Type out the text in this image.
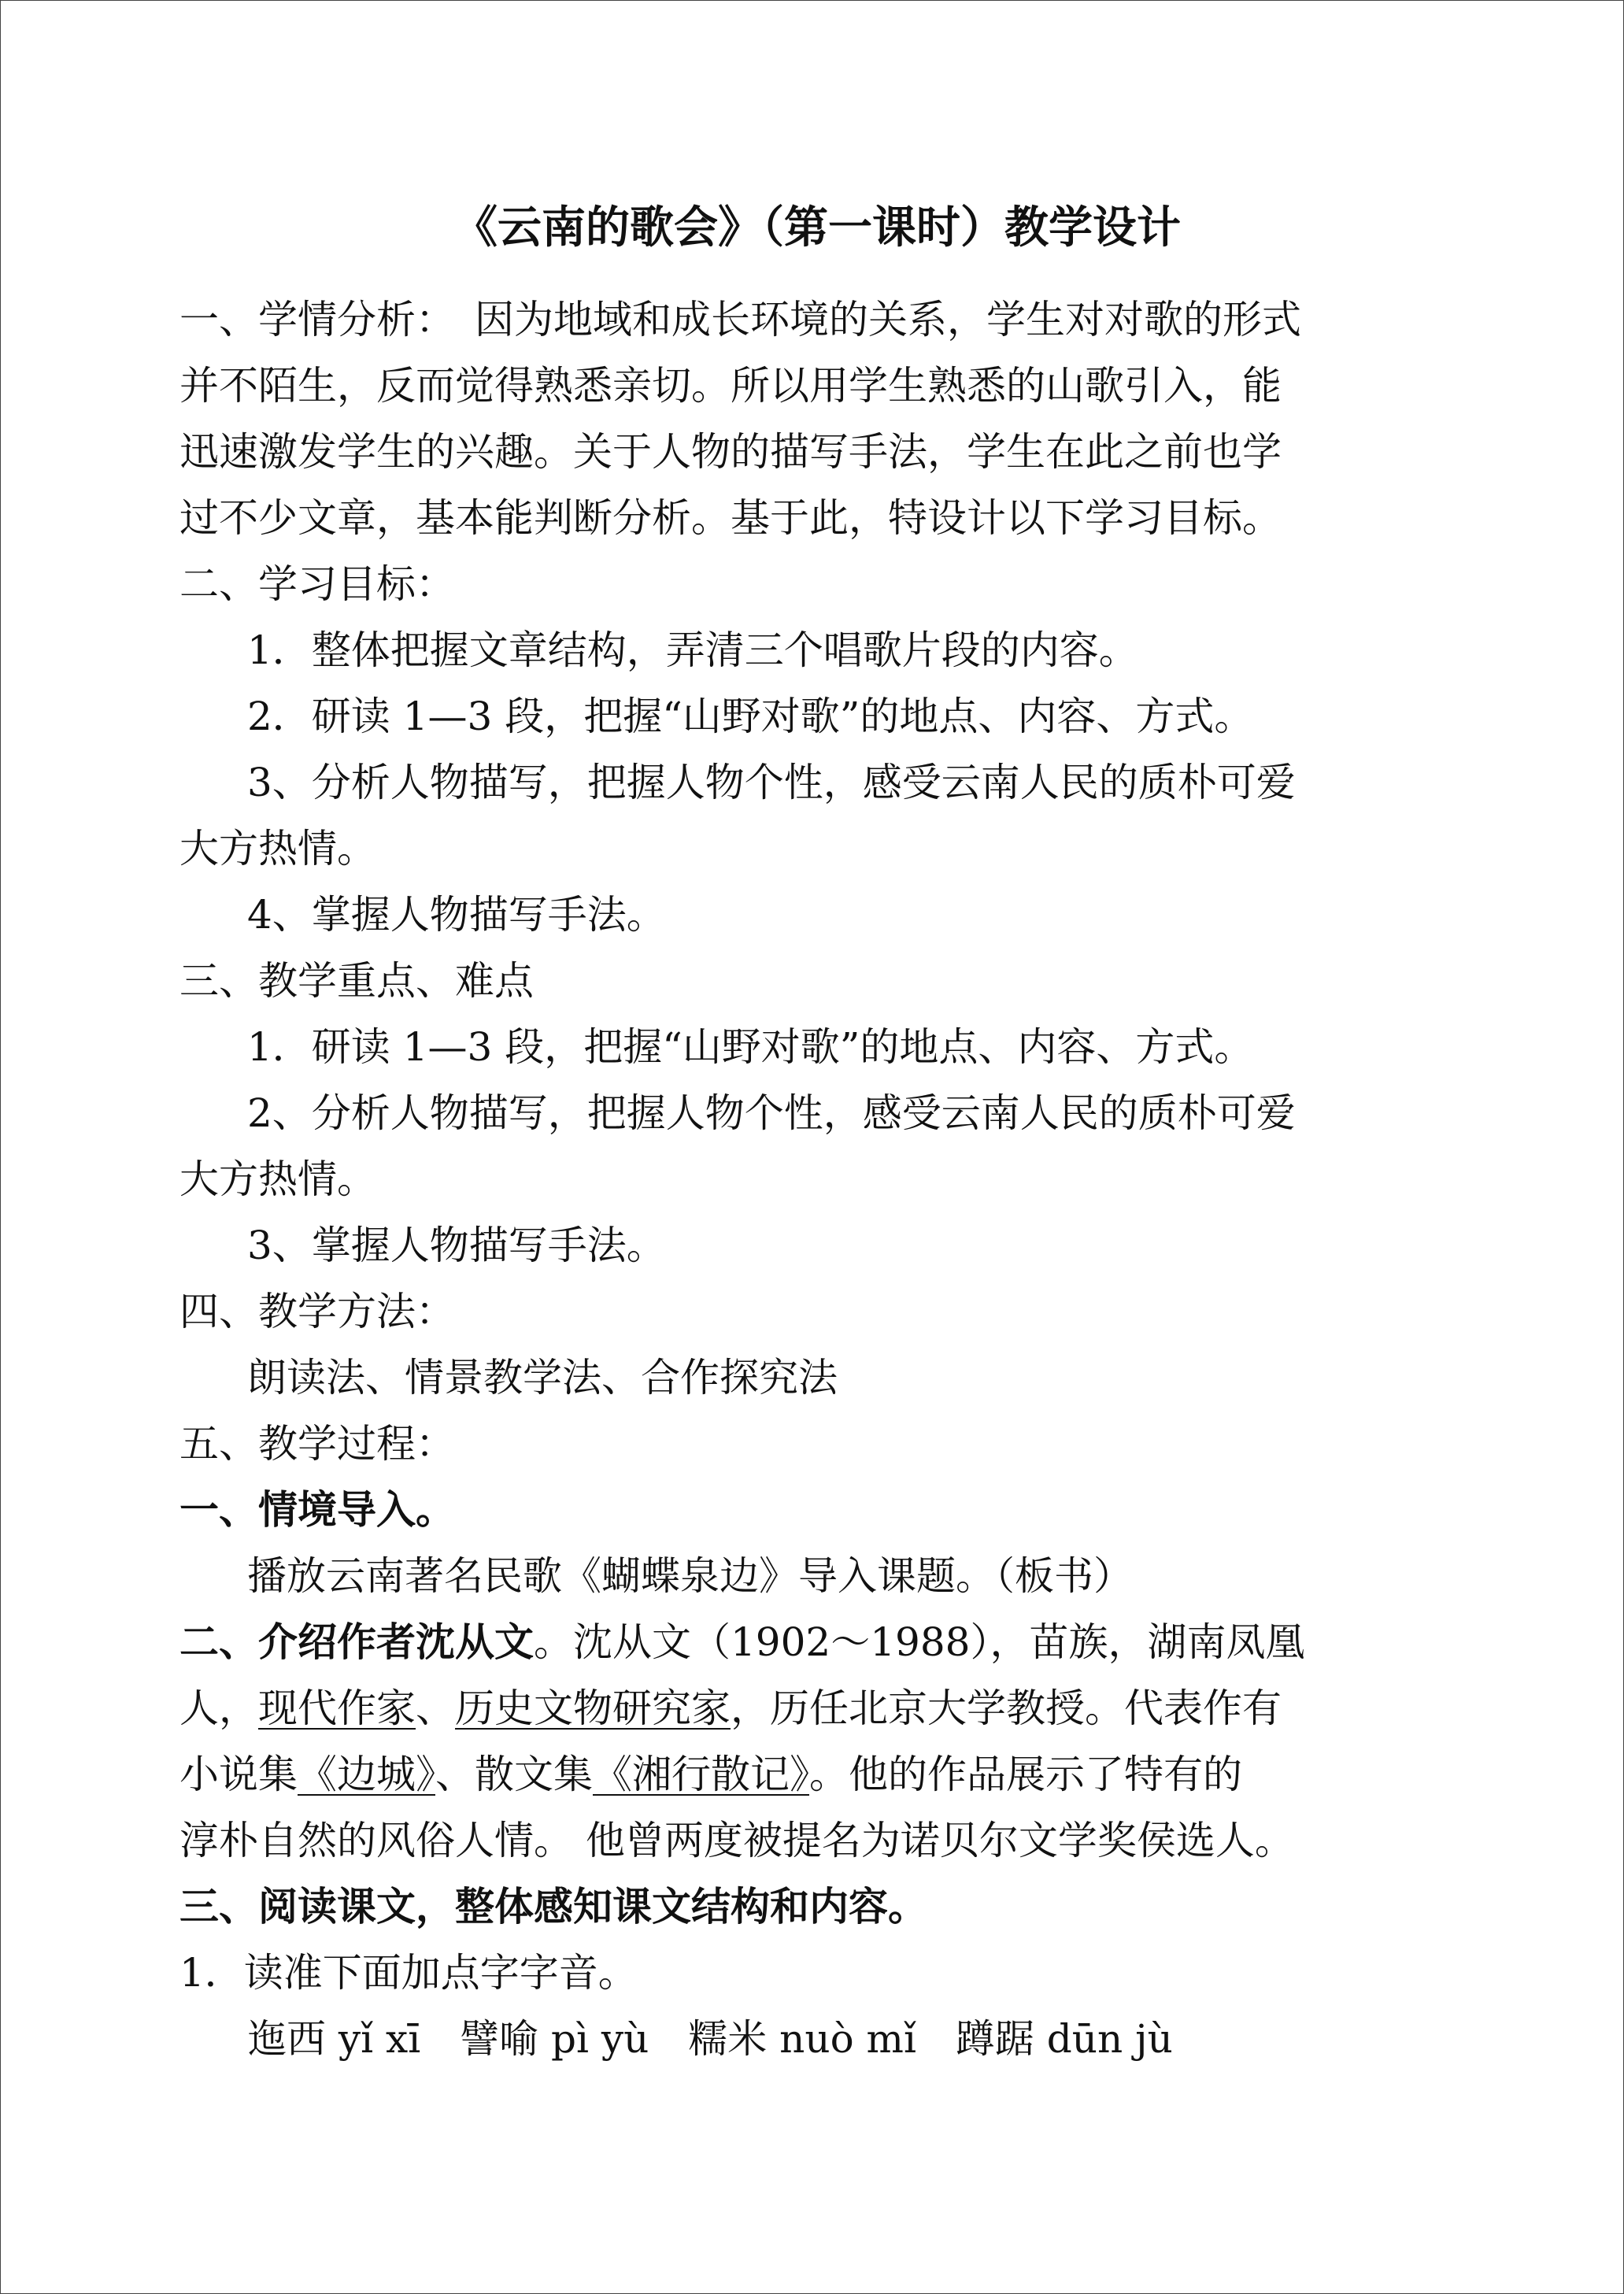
《云南的歌会》（第一课时）教学设计
一、学情分析：　因为地域和成长环境的关系，学生对对歌的形式
并不陌生，反而觉得熟悉亲切。所以用学生熟悉的山歌引入，能
迅速激发学生的兴趣。关于人物的描写手法，学生在此之前也学
过不少文章，基本能判断分析。基于此，特设计以下学习目标。
二、学习目标：
1．整体把握文章结构，弄清三个唱歌片段的内容。
2．研读 1—3 段，把握“山野对歌”的地点、内容、方式。
3、分析人物描写，把握人物个性，感受云南人民的质朴可爱
大方热情。
4、掌握人物描写手法。
三、教学重点、难点
1．研读 1—3 段，把握“山野对歌”的地点、内容、方式。
2、分析人物描写，把握人物个性，感受云南人民的质朴可爱
大方热情。
3、掌握人物描写手法。
四、教学方法：
朗读法、情景教学法、合作探究法
五、教学过程：
一、情境导入。
播放云南著名民歌《蝴蝶泉边》导入课题。（板书）
二、介绍作者沈从文。沈从文（1902～1988），苗族，湖南凤凰
人，现代作家、历史文物研究家，历任北京大学教授。代表作有
小说集《边城》、散文集《湘行散记》。他的作品展示了特有的
淳朴自然的风俗人情。 他曾两度被提名为诺贝尔文学奖侯选人。
三、阅读课文，整体感知课文结构和内容。
1．读准下面加点字字音。
迤西 yǐ xī 譬喻 pì yù 糯米 nuò mǐ 蹲踞 dūn jù
